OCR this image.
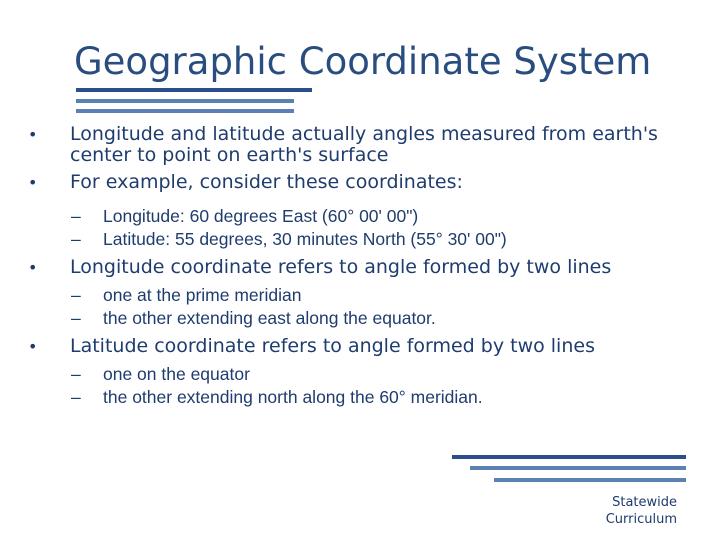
Geographic Coordinate System
• Longitude and latitude actually angles measured from earth's center to point on earth's surface
• For example, consider these coordinates:
– Longitude: 60 degrees East (60° 00' 00")
– Latitude: 55 degrees, 30 minutes North (55° 30' 00")
• Longitude coordinate refers to angle formed by two lines
– one at the prime meridian
– the other extending east along the equator.
• Latitude coordinate refers to angle formed by two lines
– one on the equator
– the other extending north along the 60° meridian.
Statewide
Curriculum
